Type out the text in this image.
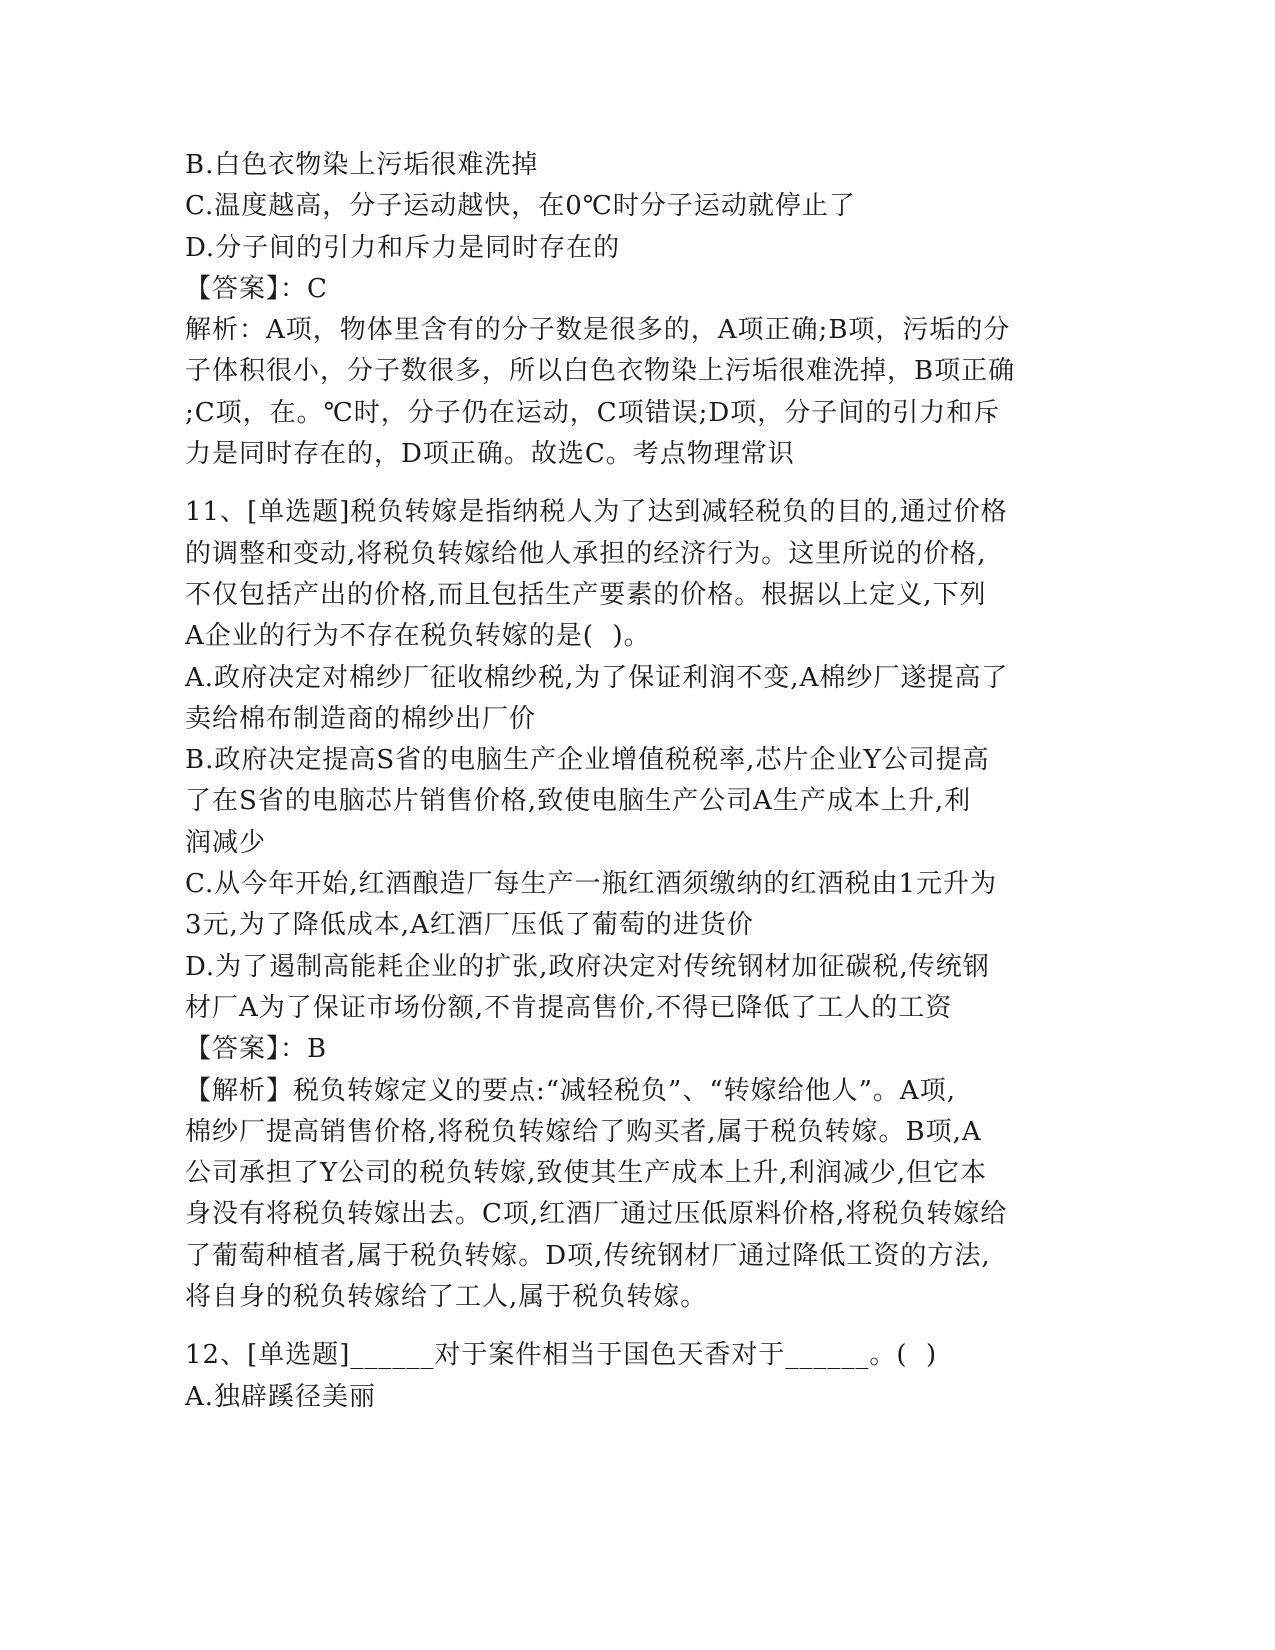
B.白色衣物染上污垢很难洗掉
C.温度越高，分子运动越快，在0℃时分子运动就停止了
D.分子间的引力和斥力是同时存在的
【答案】：C
解析：A项，物体里含有的分子数是很多的，A项正确;B项，污垢的分
子体积很小，分子数很多，所以白色衣物染上污垢很难洗掉，B项正确
;C项，在。℃时，分子仍在运动，C项错误;D项，分子间的引力和斥
力是同时存在的，D项正确。故选C。考点物理常识
11、[单选题]税负转嫁是指纳税人为了达到减轻税负的目的,通过价格
的调整和变动,将税负转嫁给他人承担的经济行为。这里所说的价格,
不仅包括产出的价格,而且包括生产要素的价格。根据以上定义,下列
A企业的行为不存在税负转嫁的是(  )。
A.政府决定对棉纱厂征收棉纱税,为了保证利润不变,A棉纱厂遂提高了
卖给棉布制造商的棉纱出厂价
B.政府决定提高S省的电脑生产企业增值税税率,芯片企业Y公司提高
了在S省的电脑芯片销售价格,致使电脑生产公司A生产成本上升,利
润减少
C.从今年开始,红酒酿造厂每生产一瓶红酒须缴纳的红酒税由1元升为
3元,为了降低成本,A红酒厂压低了葡萄的进货价
D.为了遏制高能耗企业的扩张,政府决定对传统钢材加征碳税,传统钢
材厂A为了保证市场份额,不肯提高售价,不得已降低了工人的工资
【答案】：B
【解析】税负转嫁定义的要点:“减轻税负”、“转嫁给他人”。A项,
棉纱厂提高销售价格,将税负转嫁给了购买者,属于税负转嫁。B项,A
公司承担了Y公司的税负转嫁,致使其生产成本上升,利润减少,但它本
身没有将税负转嫁出去。C项,红酒厂通过压低原料价格,将税负转嫁给
了葡萄种植者,属于税负转嫁。D项,传统钢材厂通过降低工资的方法,
将自身的税负转嫁给了工人,属于税负转嫁。
12、[单选题]______对于案件相当于国色天香对于______。(  )
A.独辟蹊径美丽
